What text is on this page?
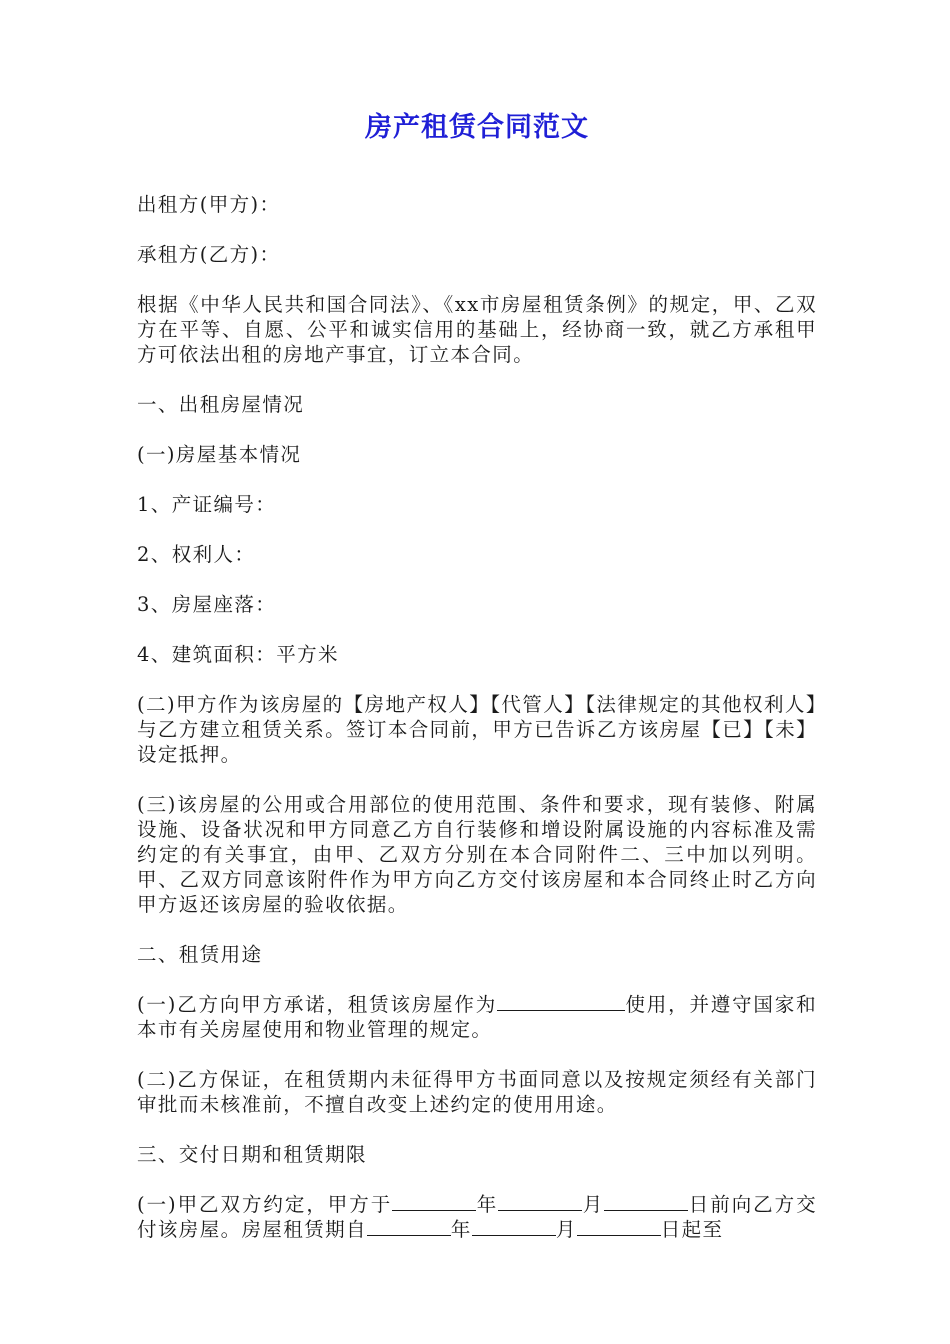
房产租赁合同范文

出租方(甲方)：

承租方(乙方)：

根据《中华人民共和国合同法》、《xx市房屋租赁条例》的规定，甲、乙双方在平等、自愿、公平和诚实信用的基础上，经协商一致，就乙方承租甲方可依法出租的房地产事宜，订立本合同。

一、出租房屋情况

(一)房屋基本情况

1、产证编号：

2、权利人：

3、房屋座落：

4、建筑面积：平方米

(二)甲方作为该房屋的【房地产权人】【代管人】【法律规定的其他权利人】与乙方建立租赁关系。签订本合同前，甲方已告诉乙方该房屋【已】【未】设定抵押。

(三)该房屋的公用或合用部位的使用范围、条件和要求，现有装修、附属设施、设备状况和甲方同意乙方自行装修和增设附属设施的内容标准及需约定的有关事宜，由甲、乙双方分别在本合同附件二、三中加以列明。甲、乙双方同意该附件作为甲方向乙方交付该房屋和本合同终止时乙方向甲方返还该房屋的验收依据。

二、租赁用途

(一)乙方向甲方承诺，租赁该房屋作为	使用，并遵守国家和本市有关房屋使用和物业管理的规定。

(二)乙方保证，在租赁期内未征得甲方书面同意以及按规定须经有关部门审批而未核准前，不擅自改变上述约定的使用用途。

三、交付日期和租赁期限

(一)甲乙双方约定，甲方于	年	月	日前向乙方交付该房屋。房屋租赁期自	年	月	日起至
